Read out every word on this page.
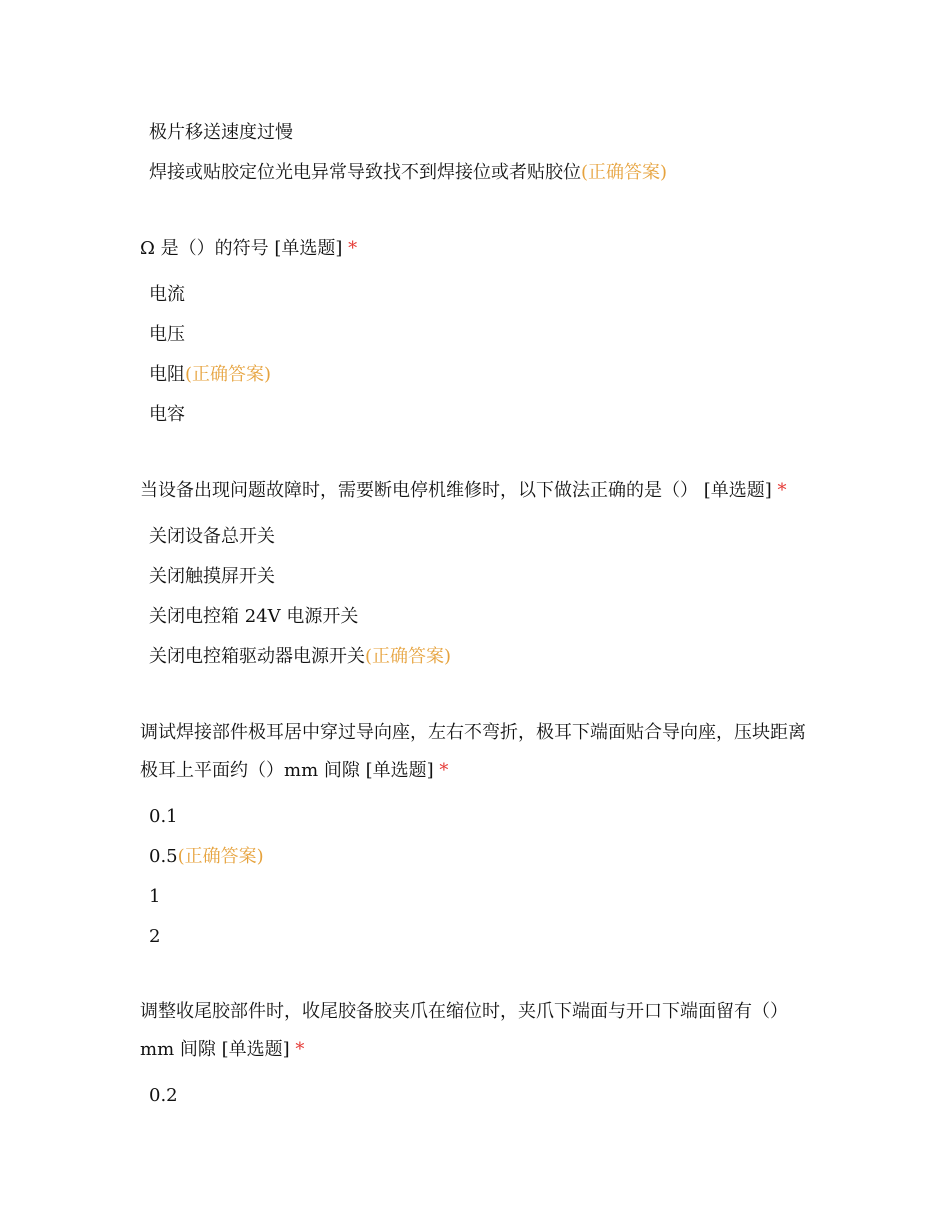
极片移送速度过慢
焊接或贴胶定位光电异常导致找不到焊接位或者贴胶位(正确答案)

Ω 是（）的符号 [单选题] *

电流
电压
电阻(正确答案)
电容

当设备出现问题故障时，需要断电停机维修时，以下做法正确的是（） [单选题] *

关闭设备总开关
关闭触摸屏开关
关闭电控箱 24V 电源开关
关闭电控箱驱动器电源开关(正确答案)

调试焊接部件极耳居中穿过导向座，左右不弯折，极耳下端面贴合导向座，压块距离极耳上平面约（）mm 间隙 [单选题] *

0.1
0.5(正确答案)
1
2

调整收尾胶部件时，收尾胶备胶夹爪在缩位时，夹爪下端面与开口下端面留有（）mm 间隙 [单选题] *

0.2
